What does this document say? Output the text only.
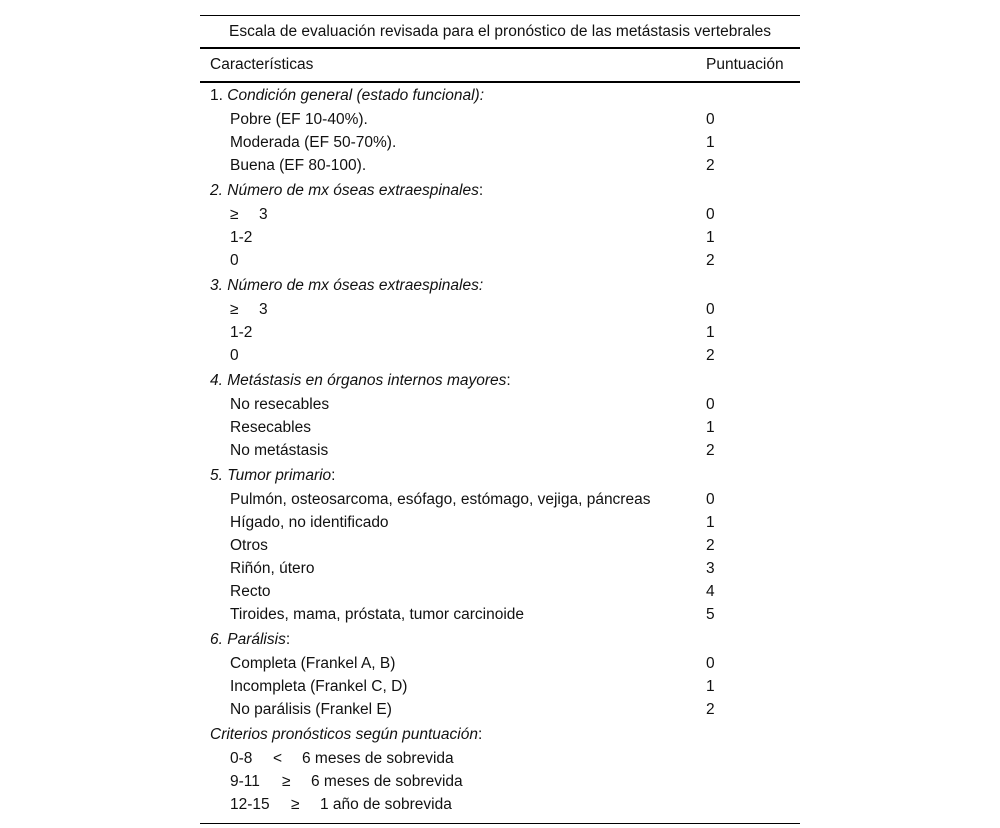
Escala de evaluación revisada para el pronóstico de las metástasis vertebrales
Características	Puntuación
1. Condición general (estado funcional):
Pobre (EF 10-40%).	0
Moderada (EF 50-70%).	1
Buena (EF 80-100).	2
2. Número de mx óseas extraespinales:
≥ 3	0
1-2	1
0	2
3. Número de mx óseas extraespinales:
≥ 3	0
1-2	1
0	2
4. Metástasis en órganos internos mayores:
No resecables	0
Resecables	1
No metástasis	2
5. Tumor primario:
Pulmón, osteosarcoma, esófago, estómago, vejiga, páncreas	0
Hígado, no identificado	1
Otros	2
Riñón, útero	3
Recto	4
Tiroides, mama, próstata, tumor carcinoide	5
6. Parálisis:
Completa (Frankel A, B)	0
Incompleta (Frankel C, D)	1
No parálisis (Frankel E)	2
Criterios pronósticos según puntuación:
0-8 < 6 meses de sobrevida
9-11 ≥ 6 meses de sobrevida
12-15 ≥ 1 año de sobrevida
